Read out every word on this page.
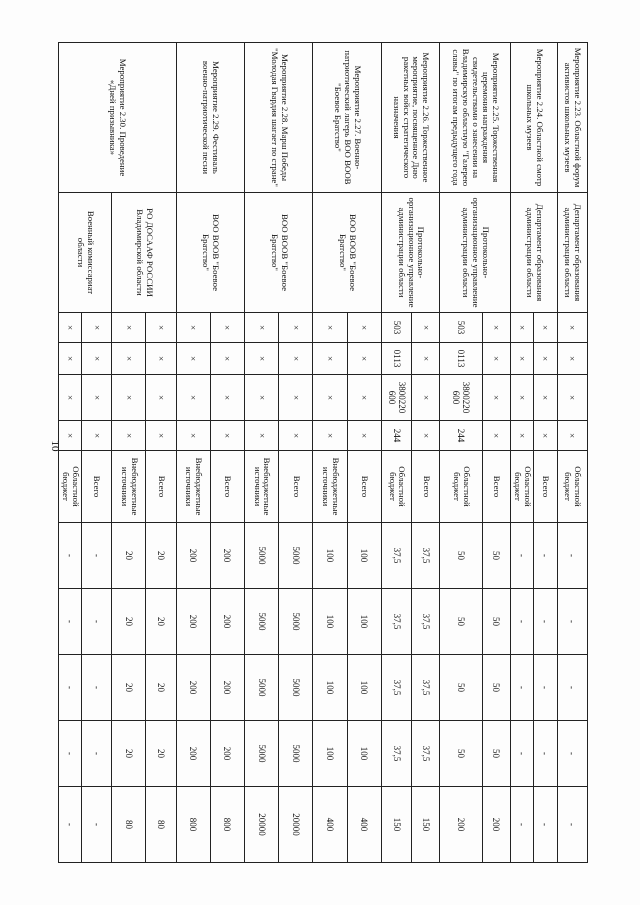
10
Мероприятие 2.23. Областной форум активистов школьных музеев	Департамент образования администрации области	×	×	×	×	Областной бюджет	-	-	-	-	-
Мероприятие 2.24. Областной смотр школьных музеев	Департамент образования администрации области	×	×	×	×	Всего	-	-	-	-	-
		×	×	×	×	Областной бюджет	-	-	-	-	-
Мероприятие 2.25. Торжественная церемония награждения свидетельствами о занесении на Владимирскую областную "Галерею славы" по итогам предыдущего года	Протокольно-организационное управление администрации области	×	×	×	×	Всего	50	50	50	50	200
		503	0113	3800220 600	244	Областной бюджет	50	50	50	50	200
Мероприятие 2.26. Торжественное мероприятие, посвященное Дню ракетных войск стратегического назначения	Протокольно-организационное управление администрации области	×	×	×	×	Всего	37,5	37,5	37,5	37,5	150
		503	0113	3800220 600	244	Областной бюджет	37,5	37,5	37,5	37,5	150
Мероприятие 2.27. Военно-патриотический лагерь ВОО ВООВ "Боевое Братство"	ВОО ВООВ "Боевое Братство"	×	×	×	×	Всего	100	100	100	100	400
		×	×	×	×	Внебюджетные источники	100	100	100	100	400
Мероприятие 2.28. Марш Победы "Молодая Гвардия шагает по стране"	ВОО ВООВ "Боевое Братство"	×	×	×	×	Всего	5000	5000	5000	5000	20000
		×	×	×	×	Внебюджетные источники	5000	5000	5000	5000	20000
Мероприятие 2.29. Фестиваль военно-патриотической песни	ВОО ВООВ "Боевое Братство"	×	×	×	×	Всего	200	200	200	200	800
		×	×	×	×	Внебюджетные источники	200	200	200	200	800
Мероприятие 2.30. Проведение «Дней призывника»	РО ДОСААФ РОССИИ Владимирской области	×	×	×	×	Всего	20	20	20	20	80
		×	×	×	×	Внебюджетные источники	20	20	20	20	80
	Военный комиссариат области	×	×	×	×	Всего	-	-	-	-	-
		×	×	×	×	Областной бюджет	-	-	-	-	-
